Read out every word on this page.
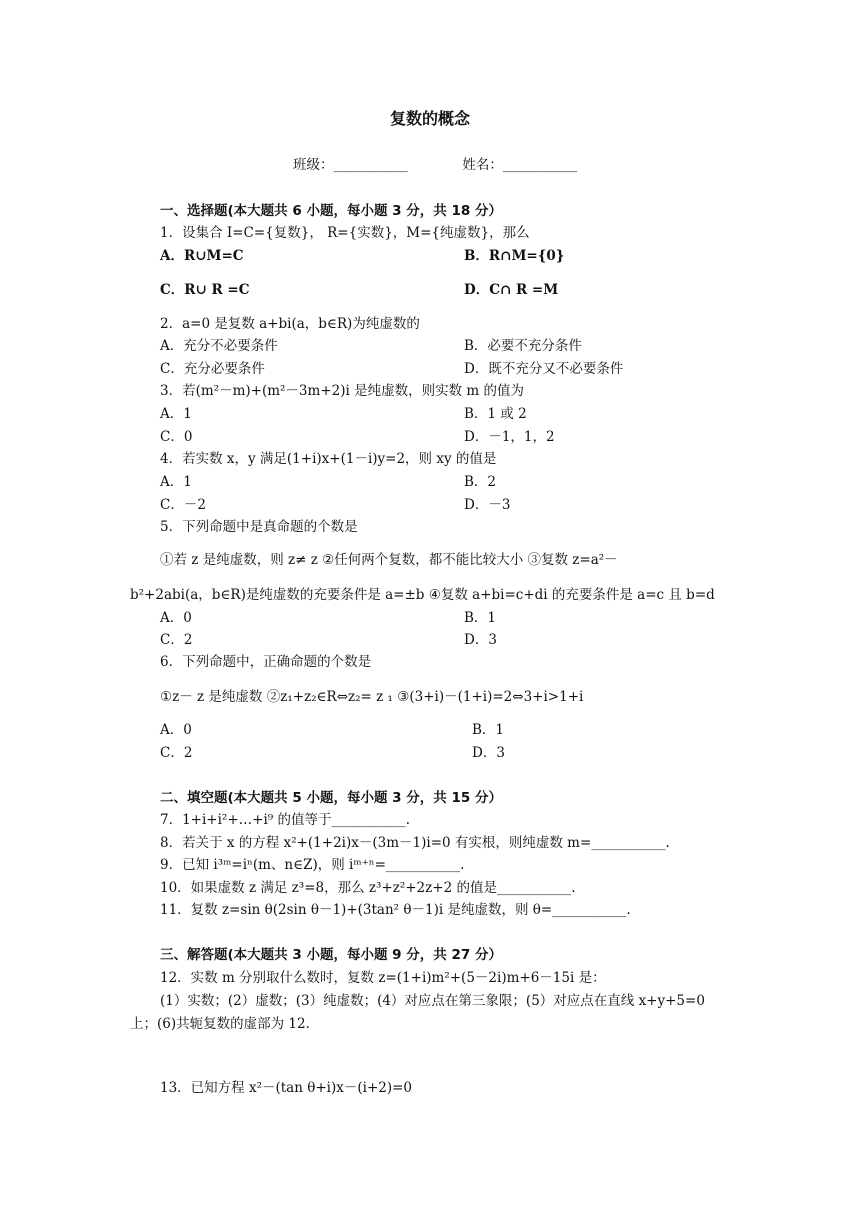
复数的概念
班级：___________	姓名：___________
一、选择题(本大题共 6 小题，每小题 3 分，共 18 分）
1．设集合 I=C={复数}， R={实数}，M={纯虚数}，那么
A．R∪M=C	B．R∩M={0}
C．R∪ R =C	D．C∩ R =M
2．a=0 是复数 a+bi(a，b∈R)为纯虚数的
A．充分不必要条件	B．必要不充分条件
C．充分必要条件	D．既不充分又不必要条件
3．若(m²－m)+(m²－3m+2)i 是纯虚数，则实数 m 的值为
A．1	B．1 或 2
C．0	D．－1，1，2
4．若实数 x，y 满足(1+i)x+(1－i)y=2，则 xy 的值是
A．1	B．2
C．－2	D．－3
5．下列命题中是真命题的个数是
①若 z 是纯虚数，则 z≠ z ②任何两个复数，都不能比较大小 ③复数 z=a²－
b²+2abi(a，b∈R)是纯虚数的充要条件是 a=±b ④复数 a+bi=c+di 的充要条件是 a=c 且 b=d
A．0	B．1
C．2	D．3
6．下列命题中，正确命题的个数是
①z－ z 是纯虚数 ②z₁+z₂∈R⇔z₂= z ₁ ③(3+i)－(1+i)=2⇔3+i>1+i
A．0	B．1
C．2	D．3
二、填空题(本大题共 5 小题，每小题 3 分，共 15 分）
7．1+i+i²+…+i⁹ 的值等于___________.
8．若关于 x 的方程 x²+(1+2i)x－(3m－1)i=0 有实根，则纯虚数 m=___________.
9．已知 i³ᵐ=iⁿ(m、n∈Z)，则 iᵐ⁺ⁿ=___________.
10．如果虚数 z 满足 z³=8，那么 z³+z²+2z+2 的值是___________.
11．复数 z=sin θ(2sin θ－1)+(3tan² θ－1)i 是纯虚数，则 θ=___________.
三、解答题(本大题共 3 小题，每小题 9 分，共 27 分）
12．实数 m 分别取什么数时，复数 z=(1+i)m²+(5－2i)m+6－15i 是：
(1）实数；(2）虚数；(3）纯虚数；(4）对应点在第三象限；(5）对应点在直线 x+y+5=0
上；(6)共轭复数的虚部为 12.
13．已知方程 x²－(tan θ+i)x－(i+2)=0
